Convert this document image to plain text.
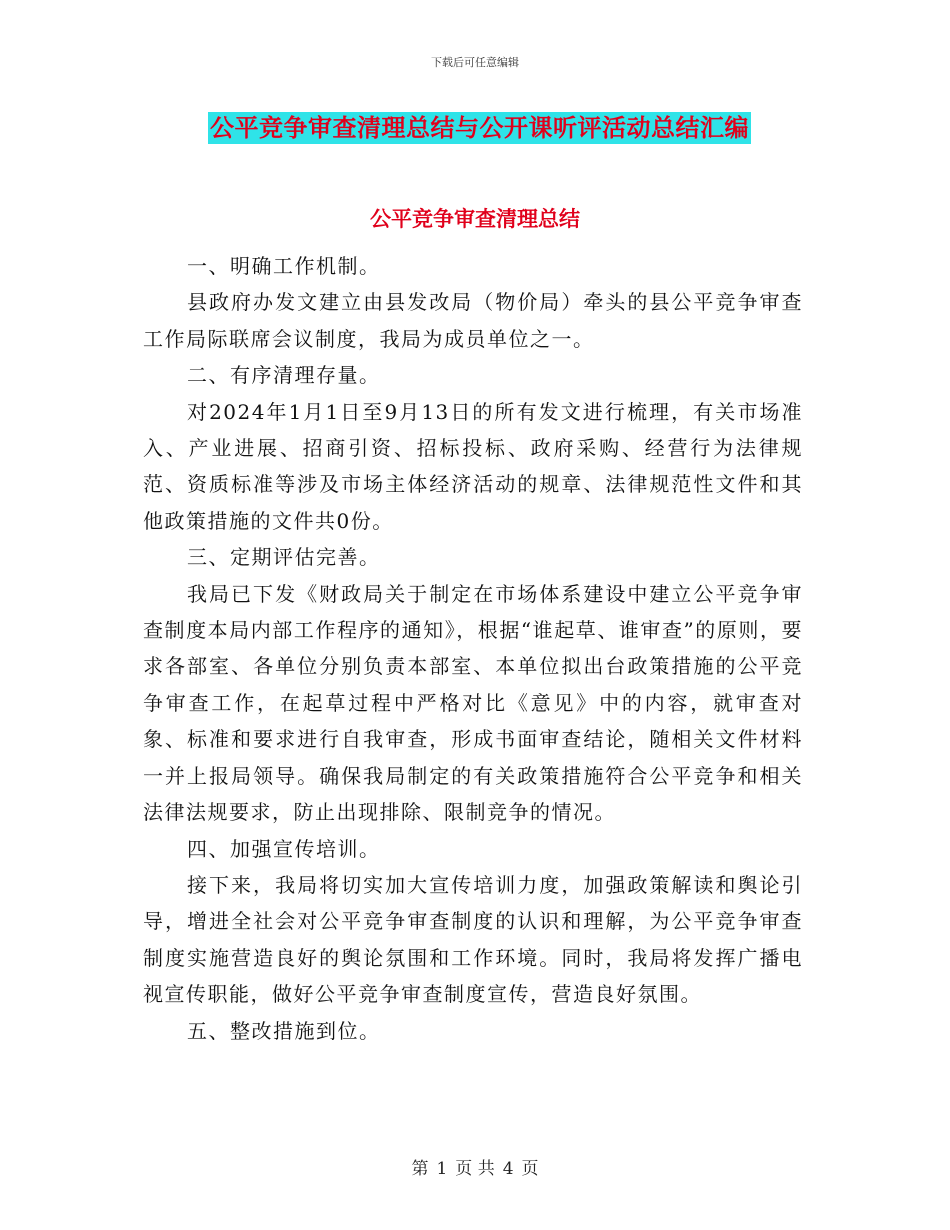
下载后可任意编辑
公平竞争审查清理总结与公开课听评活动总结汇编
公平竞争审查清理总结

一、明确工作机制。

县政府办发文建立由县发改局（物价局）牵头的县公平竞争审查工作局际联席会议制度，我局为成员单位之一。

二、有序清理存量。

对2024年1月1日至9月13日的所有发文进行梳理，有关市场准入、产业进展、招商引资、招标投标、政府采购、经营行为法律规范、资质标准等涉及市场主体经济活动的规章、法律规范性文件和其他政策措施的文件共0份。

三、定期评估完善。

我局已下发《财政局关于制定在市场体系建设中建立公平竞争审查制度本局内部工作程序的通知》，根据“谁起草、谁审查”的原则，要求各部室、各单位分别负责本部室、本单位拟出台政策措施的公平竞争审查工作，在起草过程中严格对比《意见》中的内容，就审查对象、标准和要求进行自我审查，形成书面审查结论，随相关文件材料一并上报局领导。确保我局制定的有关政策措施符合公平竞争和相关法律法规要求，防止出现排除、限制竞争的情况。

四、加强宣传培训。

接下来，我局将切实加大宣传培训力度，加强政策解读和舆论引导，增进全社会对公平竞争审查制度的认识和理解，为公平竞争审查制度实施营造良好的舆论氛围和工作环境。同时，我局将发挥广播电视宣传职能，做好公平竞争审查制度宣传，营造良好氛围。

五、整改措施到位。

第 1 页 共 4 页
